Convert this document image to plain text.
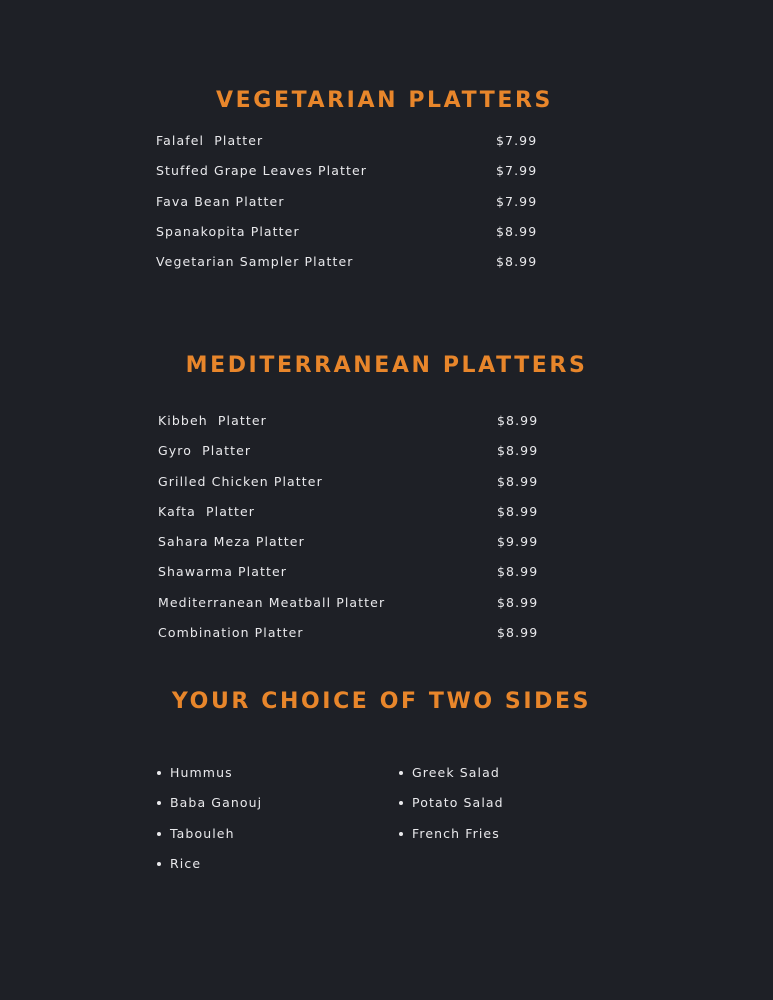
VEGETARIAN PLATTERS
Falafel  Platter	$7.99
Stuffed Grape Leaves Platter	$7.99
Fava Bean Platter	$7.99
Spanakopita Platter	$8.99
Vegetarian Sampler Platter	$8.99
MEDITERRANEAN PLATTERS
Kibbeh  Platter	$8.99
Gyro  Platter	$8.99
Grilled Chicken Platter	$8.99
Kafta  Platter	$8.99
Sahara Meza Platter	$9.99
Shawarma Platter	$8.99
Mediterranean Meatball Platter	$8.99
Combination Platter	$8.99
YOUR CHOICE OF TWO SIDES
Hummus
Baba Ganouj
Tabouleh
Rice
Greek Salad
Potato Salad
French Fries
